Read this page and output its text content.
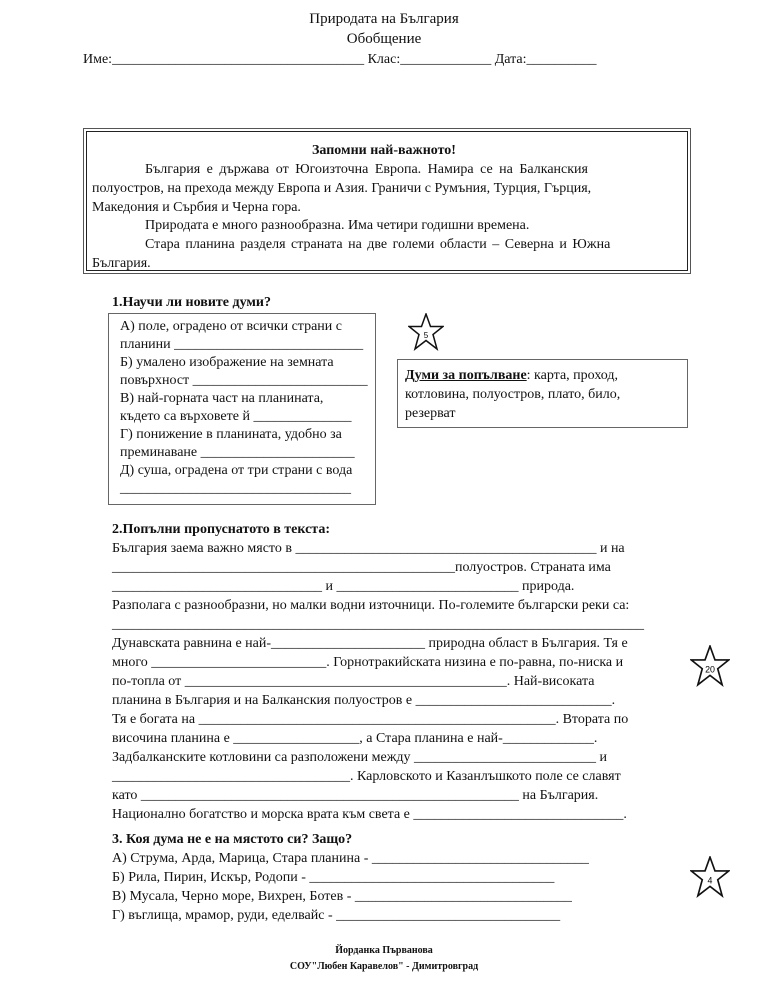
Природата на България
Обобщение
Име:____________________________________ Клас:_____________ Дата:__________
Запомни най-важното!
България е държава от Югоизточна Европа. Намира се на Балканския
полуостров, на прехода между Европа и Азия. Граничи с Румъния, Турция, Гърция,
Македония и Сърбия и Черна гора.
Природата е много разнообразна. Има четири годишни времена.
Стара планина разделя страната на две големи области – Северна и Южна
България.
1.Научи ли новите думи?
А) поле, оградено от всички страни с
планини ___________________________
Б) умалено изображение на земната
повърхност _________________________
В) най-горната част на планината,
където са върховете й ______________
Г) понижение в планината, удобно за
преминаване ______________________
Д) суша, оградена от три страни с вода
_________________________________
5
Думи за попълване: карта, проход,
котловина, полуостров, плато, било,
резерват
2.Попълни пропуснатото в текста:
България заема важно място в ___________________________________________ и на
_________________________________________________полуостров. Страната има
______________________________ и __________________________ природа.
Разполага с разнообразни, но малки водни източници. По-големите български реки са:
____________________________________________________________________________
Дунавската равнина е най-______________________ природна област в България. Тя е
много _________________________. Горнотракийската низина е по-равна, по-ниска и
по-топла от ______________________________________________. Най-високата
планина в България и на Балканския полуостров е ____________________________.
Тя е богата на ___________________________________________________. Втората по
височина планина е __________________, а Стара планина е най-_____________.
Задбалканските котловини са разположени между __________________________ и
__________________________________. Карловското и Казанлъшкото поле се славят
като ______________________________________________________ на България.
Национално богатство и морска врата към света е ______________________________.
20
3. Коя дума не е на мястото си? Защо?
А) Струма, Арда, Марица, Стара планина - _______________________________
Б) Рила, Пирин, Искър, Родопи - ___________________________________
В) Мусала, Черно море, Вихрен, Ботев - _______________________________
Г) въглища, мрамор, руди, еделвайс - ________________________________
4
Йорданка Първанова
СОУ"Любен Каравелов" - Димитровград
